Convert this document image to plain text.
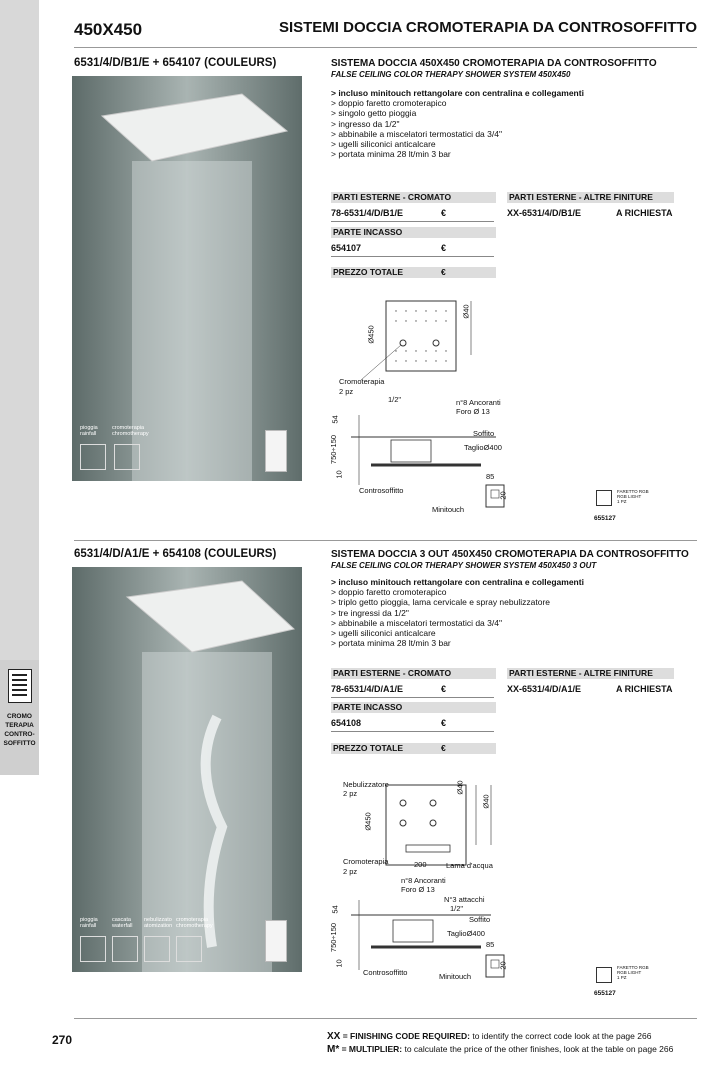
CROMO
TERAPIA
CONTRO-
SOFFITTO
450X450	SISTEMI DOCCIA CROMOTERAPIA DA CONTROSOFFITTO
6531/4/D/B1/E + 654107 (COULEURS)
pioggia
rainfall
cromoterapia
chromotherapy
SISTEMA DOCCIA 450X450 CROMOTERAPIA DA CONTROSOFFITTO
FALSE CEILING COLOR THERAPY SHOWER SYSTEM 450X450
> incluso minitouch rettangolare con centralina e collegamenti
> doppio faretto cromoterapico
> singolo getto pioggia
> ingresso da 1/2"
> abbinabile a miscelatori termostatici da 3/4"
> ugelli siliconici anticalcare
> portata minima 28 lt/min 3 bar
PARTI ESTERNE - CROMATO	PARTI ESTERNE - ALTRE FINITURE
78-6531/4/D/B1/E	€	XX-6531/4/D/B1/E	A RICHIESTA
PARTE INCASSO
654107	€
PREZZO TOTALE	€
Ø450
Ø40
Cromoterapia
2 pz
1/2"	n°8 Ancoranti
Foro Ø 13
Soffito
TaglioØ400
54
750÷150
10	85
20
Controsoffitto
Minitouch
FARETTO RGB
RGB LIGHT
1 PZ
655127
6531/4/D/A1/E + 654108 (COULEURS)
pioggia
rainfall
cascata
waterfall
nebulizzato
atomization
cromoterapia
chromotherapy
SISTEMA DOCCIA 3 OUT 450X450 CROMOTERAPIA DA CONTROSOFFITTO
FALSE CEILING COLOR THERAPY SHOWER SYSTEM 450X450 3 OUT
> incluso minitouch rettangolare con centralina e collegamenti
> doppio faretto cromoterapico
> triplo getto pioggia, lama cervicale e spray nebulizzatore
> tre ingressi da 1/2"
> abbinabile a miscelatori termostatici da 3/4"
> ugelli siliconici anticalcare
> portata minima 28 lt/min 3 bar
PARTI ESTERNE - CROMATO	PARTI ESTERNE - ALTRE FINITURE
78-6531/4/D/A1/E	€	XX-6531/4/D/A1/E	A RICHIESTA
PARTE INCASSO
654108	€
PREZZO TOTALE	€
Nebulizzatore
2 pz
Ø450
Ø40
Ø40
Cromoterapia
2 pz
200	Lama d'acqua
n°8 Ancoranti
Foro Ø 13
N°3 attacchi
1/2"
Soffito
TaglioØ400
54
750÷150
10
85
20
Controsoffitto	Minitouch
FARETTO RGB
RGB LIGHT
1 PZ
655127
270	XX = FINISHING CODE REQUIRED: to identify the correct code look at the page 266
M* = MULTIPLIER: to calculate the price of the other finishes, look at the table on page 266
